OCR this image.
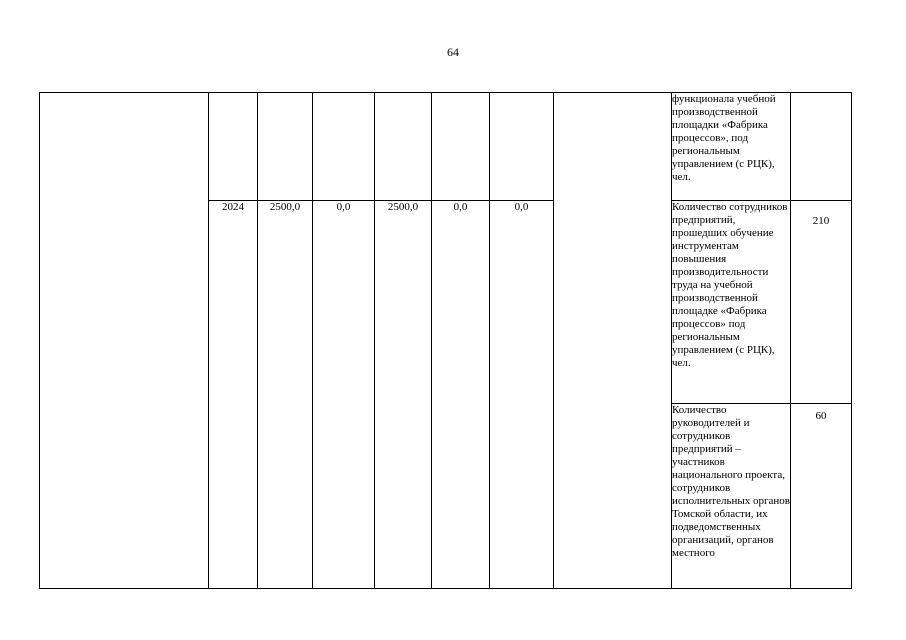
64
								функционала учебной производственной площадки «Фабрика процессов», под региональным управлением (с РЦК), чел.	
	2024	2500,0	0,0	2500,0	0,0	0,0		Количество сотрудников предприятий, прошедших обучение инструментам повышения производительности труда на учебной производственной площадке «Фабрика процессов» под региональным управлением (с РЦК), чел.	210
								Количество руководителей и сотрудников предприятий – участников национального проекта, сотрудников исполнительных органов Томской области, их подведомственных организаций, органов местного	60
